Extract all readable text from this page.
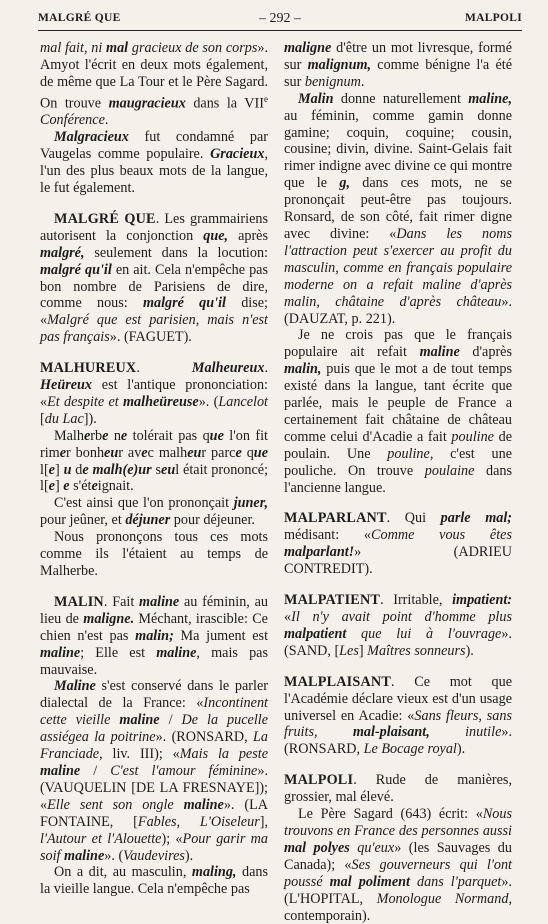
MALGRÉ QUE	– 292 –	MALPOLI

mal fait, ni mal gracieux de son corps». Amyot l'écrit en deux mots également, de même que La Tour et le Père Sagard. On trouve maugracieux dans la VIIe Conférence.

Malgracieux fut condamné par Vaugelas comme populaire. Gracieux, l'un des plus beaux mots de la langue, le fut également.

MALGRÉ QUE. Les grammairiens autorisent la conjonction que, après malgré, seulement dans la locution: malgré qu'il en ait. Cela n'empêche pas bon nombre de Parisiens de dire, comme nous: malgré qu'il dise; «Malgré que est parisien, mais n'est pas français». (FAGUET).

MALHUREUX. Malheureux. Heüreux est l'antique prononciation: «Et despite et malheüreuse». (Lancelot [du Lac]).

Malherbe ne tolérait pas que l'on fit rimer bonheur avec malheur parce que l[e] u de malh(e)ur seul était prononcé; l[e] e s'éteignait.

C'est ainsi que l'on prononçait juner, pour jeûner, et déjuner pour déjeuner.

Nous prononçons tous ces mots comme ils l'étaient au temps de Malherbe.

MALIN. Fait maline au féminin, au lieu de maligne. Méchant, irascible: Ce chien n'est pas malin; Ma jument est maline; Elle est maline, mais pas mauvaise.

Maline s'est conservé dans le parler dialectal de la France: «Incontinent cette vieille maline / De la pucelle assiégea la poitrine». (RONSARD, La Franciade, liv. III); «Mais la peste maline / C'est l'amour féminine». (VAUQUELIN [DE LA FRESNAYE]); «Elle sent son ongle maline». (LA FONTAINE, [Fables, L'Oiseleur], l'Autour et l'Alouette); «Pour garir ma soif maline». (Vaudevires).

On a dit, au masculin, maling, dans la vieille langue. Cela n'empêche pas

maligne d'être un mot livresque, formé sur malignum, comme bénigne l'a été sur benignum.

Malin donne naturellement maline, au féminin, comme gamin donne gamine; coquin, coquine; cousin, cousine; divin, divine. Saint-Gelais fait rimer indigne avec divine ce qui montre que le g, dans ces mots, ne se prononçait peut-être pas toujours. Ronsard, de son côté, fait rimer digne avec divine: «Dans les noms l'attraction peut s'exercer au profit du masculin, comme en français populaire moderne on a refait maline d'après malin, châtaine d'après château». (DAUZAT, p. 221).

Je ne crois pas que le français populaire ait refait maline d'après malin, puis que le mot a de tout temps existé dans la langue, tant écrite que parlée, mais le peuple de France a certainement fait châtaine de château comme celui d'Acadie a fait pouline de poulain. Une pouline, c'est une pouliche. On trouve poulaine dans l'ancienne langue.

MALPARLANT. Qui parle mal; médisant: «Comme vous êtes malparlant!» (ADRIEU CONTREDIT).

MALPATIENT. Irritable, impatient: «Il n'y avait point d'homme plus malpatient que lui à l'ouvrage». (SAND, [Les] Maîtres sonneurs).

MALPLAISANT. Ce mot que l'Académie déclare vieux est d'un usage universel en Acadie: «Sans fleurs, sans fruits, mal-plaisant, inutile». (RONSARD, Le Bocage royal).

MALPOLI. Rude de manières, grossier, mal élevé.

Le Père Sagard (643) écrit: «Nous trouvons en France des personnes aussi mal polyes qu'eux» (les Sauvages du Canada); «Ses gouverneurs qui l'ont poussé mal poliment dans l'parquet». (L'HOPITAL, Monologue Normand, contemporain).
